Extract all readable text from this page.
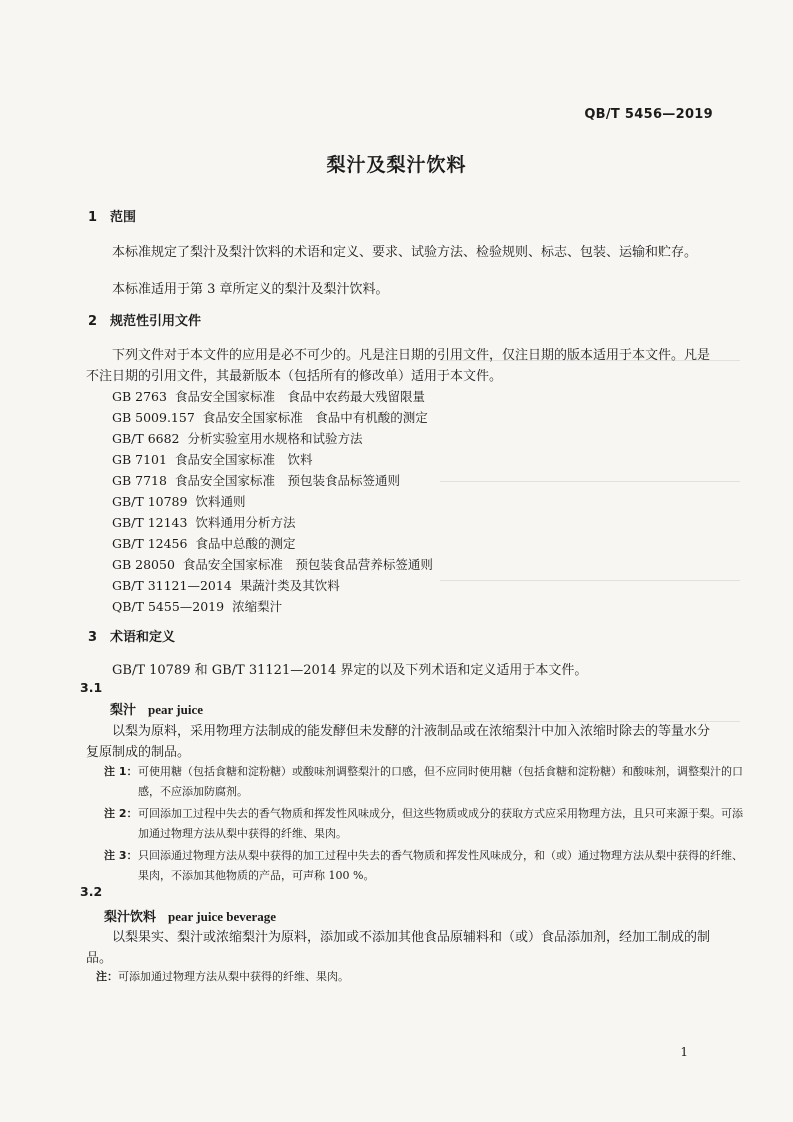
QB/T 5456—2019
梨汁及梨汁饮料
1 范围
本标准规定了梨汁及梨汁饮料的术语和定义、要求、试验方法、检验规则、标志、包装、运输和贮存。
本标准适用于第 3 章所定义的梨汁及梨汁饮料。
2 规范性引用文件
下列文件对于本文件的应用是必不可少的。凡是注日期的引用文件，仅注日期的版本适用于本文件。凡是不注日期的引用文件，其最新版本（包括所有的修改单）适用于本文件。
GB 2763 食品安全国家标准　食品中农药最大残留限量
GB 5009.157 食品安全国家标准　食品中有机酸的测定
GB/T 6682 分析实验室用水规格和试验方法
GB 7101 食品安全国家标准　饮料
GB 7718 食品安全国家标准　预包装食品标签通则
GB/T 10789 饮料通则
GB/T 12143 饮料通用分析方法
GB/T 12456 食品中总酸的测定
GB 28050 食品安全国家标准　预包装食品营养标签通则
GB/T 31121—2014 果蔬汁类及其饮料
QB/T 5455—2019 浓缩梨汁
3 术语和定义
GB/T 10789 和 GB/T 31121—2014 界定的以及下列术语和定义适用于本文件。
3.1
梨汁 pear juice
以梨为原料，采用物理方法制成的能发酵但未发酵的汁液制品或在浓缩梨汁中加入浓缩时除去的等量水分复原制成的制品。
注 1： 可使用糖（包括食糖和淀粉糖）或酸味剂调整梨汁的口感，但不应同时使用糖（包括食糖和淀粉糖）和酸味剂，调整梨汁的口感，不应添加防腐剂。
注 2： 可回添加工过程中失去的香气物质和挥发性风味成分，但这些物质或成分的获取方式应采用物理方法，且只可来源于梨。可添加通过物理方法从梨中获得的纤维、果肉。
注 3： 只回添通过物理方法从梨中获得的加工过程中失去的香气物质和挥发性风味成分，和（或）通过物理方法从梨中获得的纤维、果肉，不添加其他物质的产品，可声称 100 %。
3.2
梨汁饮料 pear juice beverage
以梨果实、梨汁或浓缩梨汁为原料，添加或不添加其他食品原辅料和（或）食品添加剂，经加工制成的制品。
注： 可添加通过物理方法从梨中获得的纤维、果肉。
1
